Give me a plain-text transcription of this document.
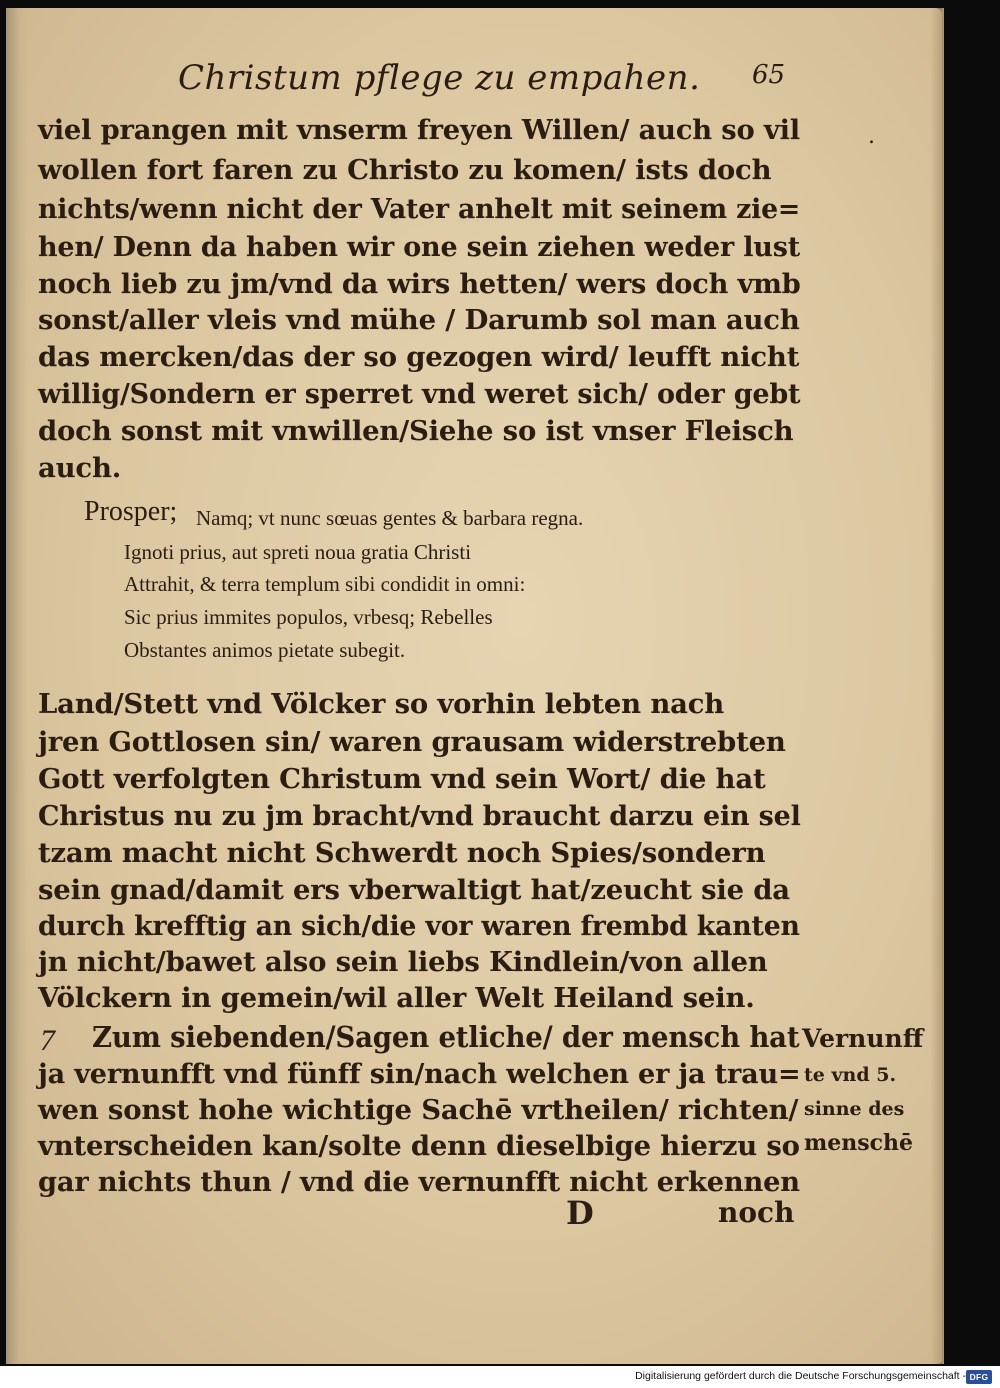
Christum pflege zu empahen. 65

.

viel prangen mit vnserm freyen Willen/ auch so vil

wollen fort faren zu Christo zu komen/ ists doch

nichts/wenn nicht der Vater anhelt mit seinem zie=

hen/ Denn da haben wir one sein ziehen weder lust

noch lieb zu jm/vnd da wirs hetten/ wers doch vmb

sonst/aller vleis vnd mühe / Darumb sol man auch

das mercken/das der so gezogen wird/ leufft nicht

willig/Sondern er sperret vnd weret sich/ oder gebt

doch sonst mit vnwillen/Siehe so ist vnser Fleisch

auch.

Prosper; Namq; vt nunc sœuas gentes & barbara regna.

Ignoti prius, aut spreti noua gratia Christi

Attrahit, & terra templum sibi condidit in omni:

Sic prius immites populos, vrbesq; Rebelles

Obstantes animos pietate subegit.

Land/Stett vnd Völcker so vorhin lebten nach

jren Gottlosen sin/ waren grausam widerstrebten

Gott verfolgten Christum vnd sein Wort/ die hat

Christus nu zu jm bracht/vnd braucht darzu ein sel

tzam macht nicht Schwerdt noch Spies/sondern

sein gnad/damit ers vberwaltigt hat/zeucht sie da

durch krefftig an sich/die vor waren frembd kanten

jn nicht/bawet also sein liebs Kindlein/von allen

Völckern in gemein/wil aller Welt Heiland sein.

7 Zum siebenden/Sagen etliche/ der mensch hat

ja vernunfft vnd fünff sin/nach welchen er ja trau=

wen sonst hohe wichtige Sachē vrtheilen/ richten/

vnterscheiden kan/solte denn dieselbige hierzu so

gar nichts thun / vnd die vernunfft nicht erkennen

Vernunff

te vnd 5.

sinne des

menschē

D	noch
Digitalisierung gefördert durch die Deutsche Forschungsgemeinschaft - DFG
